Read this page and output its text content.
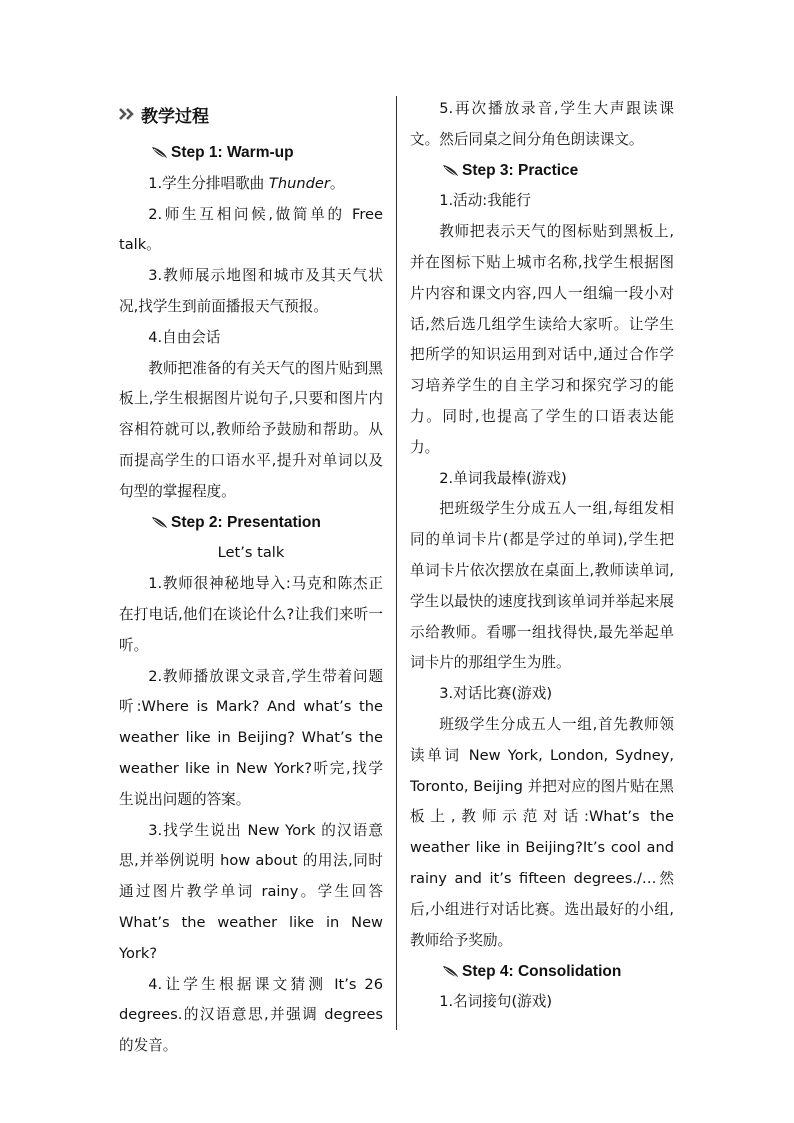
教学过程
Step 1: Warm-up

1.学生分排唱歌曲 Thunder。

2.师生互相问候,做简单的 Free talk。

3.教师展示地图和城市及其天气状况,找学生到前面播报天气预报。

4.自由会话

教师把准备的有关天气的图片贴到黑板上,学生根据图片说句子,只要和图片内容相符就可以,教师给予鼓励和帮助。从而提高学生的口语水平,提升对单词以及句型的掌握程度。

Step 2: Presentation

Let’s talk

1.教师很神秘地导入:马克和陈杰正在打电话,他们在谈论什么?让我们来听一听。

2.教师播放课文录音,学生带着问题听:Where is Mark? And what’s the weather like in Beijing? What’s the weather like in New York?听完,找学生说出问题的答案。

3.找学生说出 New York 的汉语意思,并举例说明 how about 的用法,同时通过图片教学单词 rainy。学生回答 What’s the weather like in New York?

4.让学生根据课文猜测 It’s 26 degrees.的汉语意思,并强调 degrees 的发音。

5.再次播放录音,学生大声跟读课文。然后同桌之间分角色朗读课文。

Step 3: Practice

1.活动:我能行

教师把表示天气的图标贴到黑板上,并在图标下贴上城市名称,找学生根据图片内容和课文内容,四人一组编一段小对话,然后选几组学生读给大家听。让学生把所学的知识运用到对话中,通过合作学习培养学生的自主学习和探究学习的能力。同时,也提高了学生的口语表达能力。

2.单词我最棒(游戏)

把班级学生分成五人一组,每组发相同的单词卡片(都是学过的单词),学生把单词卡片依次摆放在桌面上,教师读单词,学生以最快的速度找到该单词并举起来展示给教师。看哪一组找得快,最先举起单词卡片的那组学生为胜。

3.对话比赛(游戏)

班级学生分成五人一组,首先教师领读单词 New York, London, Sydney, Toronto, Beijing 并把对应的图片贴在黑板上,教师示范对话:What’s the weather like in Beijing?It’s cool and rainy and it’s fifteen degrees./…然后,小组进行对话比赛。选出最好的小组,教师给予奖励。

Step 4: Consolidation

1.名词接句(游戏)
